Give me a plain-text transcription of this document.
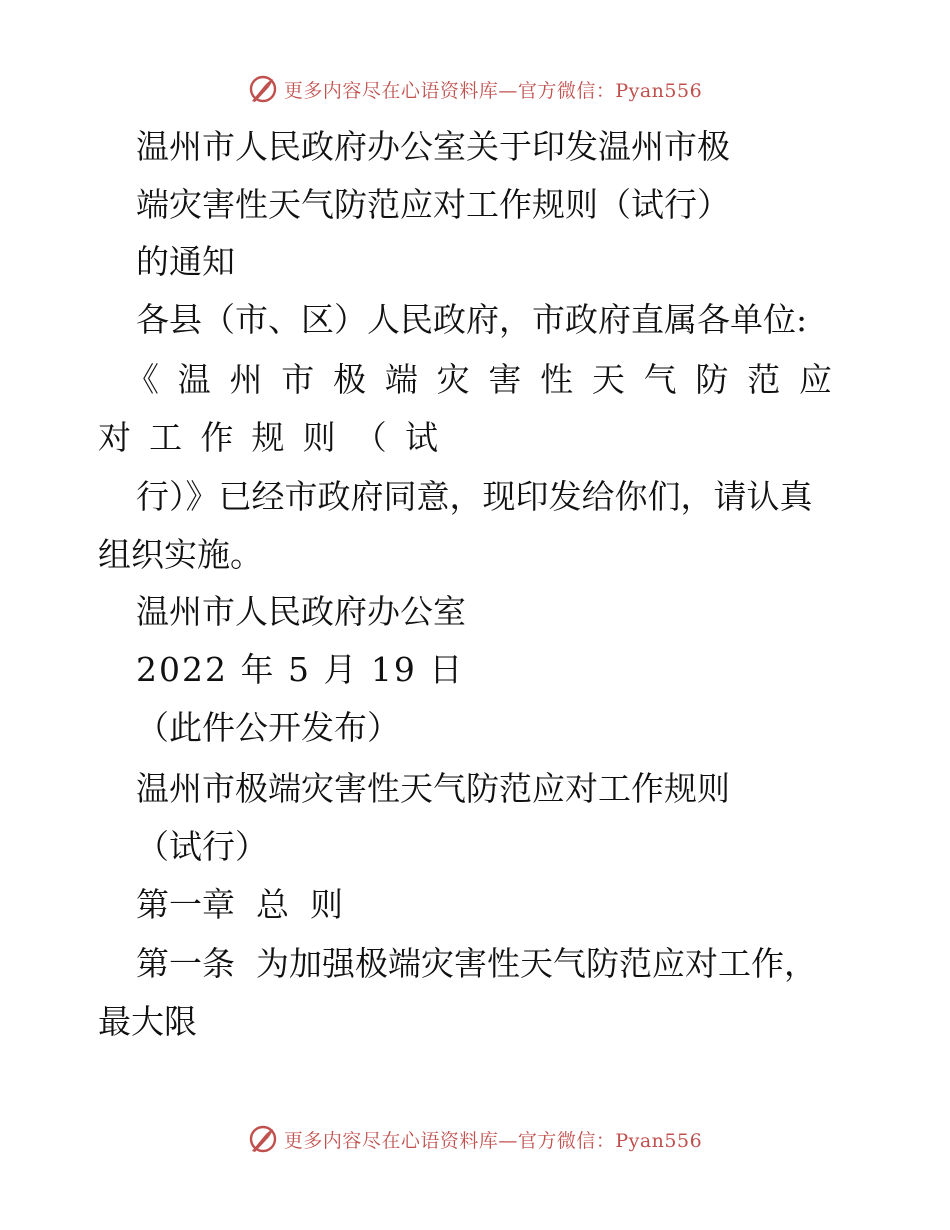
更多内容尽在心语资料库—官方微信：Pyan556

温州市人民政府办公室关于印发温州市极

端灾害性天气防范应对工作规则（试行）

的通知

各县（市、区）人民政府，市政府直属各单位:

《 温 州 市 极 端 灾 害 性 天 气 防 范 应
对 工 作 规 则 （ 试

行）》已经市政府同意，现印发给你们，请认真

组织实施。

温州市人民政府办公室

2022 年 5 月 19 日

（此件公开发布）

温州市极端灾害性天气防范应对工作规则

（试行）

第一章  总  则

第一条  为加强极端灾害性天气防范应对工作，

最大限

更多内容尽在心语资料库—官方微信：Pyan556
